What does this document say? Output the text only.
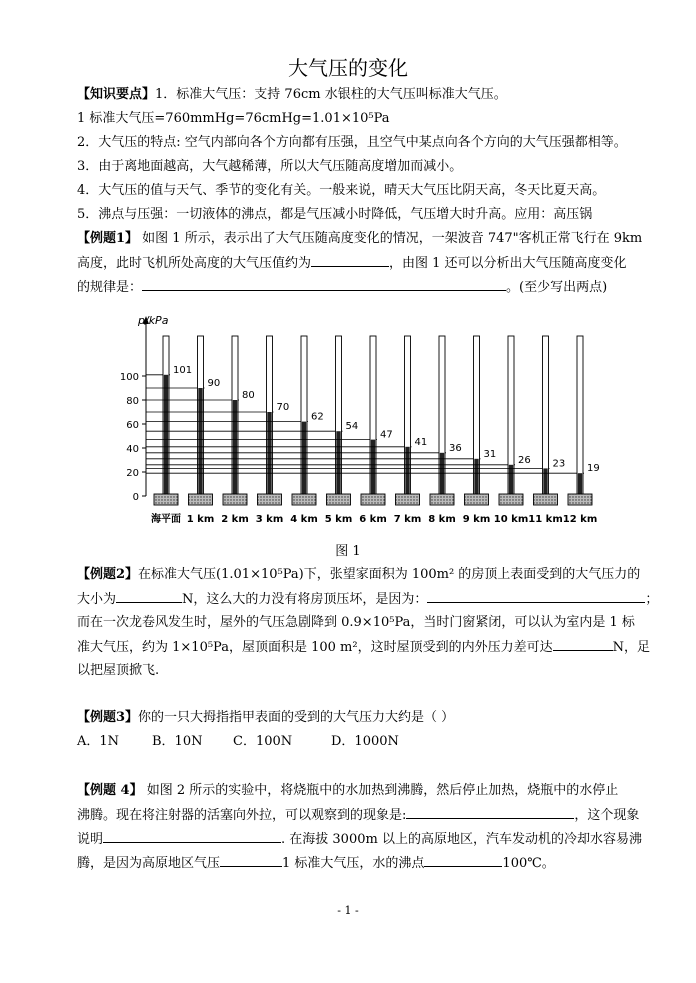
大气压的变化
【知识要点】1．标准大气压：支持 76cm 水银柱的大气压叫标准大气压。
1 标准大气压=760mmHg=76cmHg=1.01×10⁵Pa
2．大气压的特点: 空气内部向各个方向都有压强，且空气中某点向各个方向的大气压强都相等。
3．由于离地面越高，大气越稀薄，所以大气压随高度增加而减小。
4．大气压的值与天气、季节的变化有关。一般来说，晴天大气压比阴天高，冬天比夏天高。
5．沸点与压强：一切液体的沸点，都是气压减小时降低，气压增大时升高。应用：高压锅
【例题1】 如图 1 所示，表示出了大气压随高度变化的情况，一架波音 747"客机正常飞行在 9km
高度，此时飞机所处高度的大气压值约为	，由图 1 还可以分析出大气压随高度变化
的规律是：	。(至少写出两点)
p/kPa
0
20
40
60
80
100
101
海平面
90
1 km
80
2 km
70
3 km
62
4 km
54
5 km
47
6 km
41
7 km
36
8 km
31
9 km
26
10 km
23
11 km
19
12 km
图 1
【例题2】在标准大气压(1.01×10⁵Pa)下，张望家面积为 100m² 的房顶上表面受到的大气压力的
大小为	N，这么大的力没有将房顶压坏，是因为：	；
而在一次龙卷风发生时，屋外的气压急剧降到 0.9×10⁵Pa，当时门窗紧闭，可以认为室内是 1 标
准大气压，约为 1×10⁵Pa，屋顶面积是 100 m²，这时屋顶受到的内外压力差可达	N，足
以把屋顶掀飞.
【例题3】你的一只大拇指指甲表面的受到的大气压力大约是（ ）
A．1N	B．10N C．100N	D．1000N
【例题 4】 如图 2 所示的实验中，将烧瓶中的水加热到沸腾，然后停止加热，烧瓶中的水停止
沸腾。现在将注射器的活塞向外拉，可以观察到的现象是:	，这个现象
说明	. 在海拔 3000m 以上的高原地区，汽车发动机的冷却水容易沸
腾，是因为高原地区气压	1 标准大气压，水的沸点	100℃。
- 1 -
